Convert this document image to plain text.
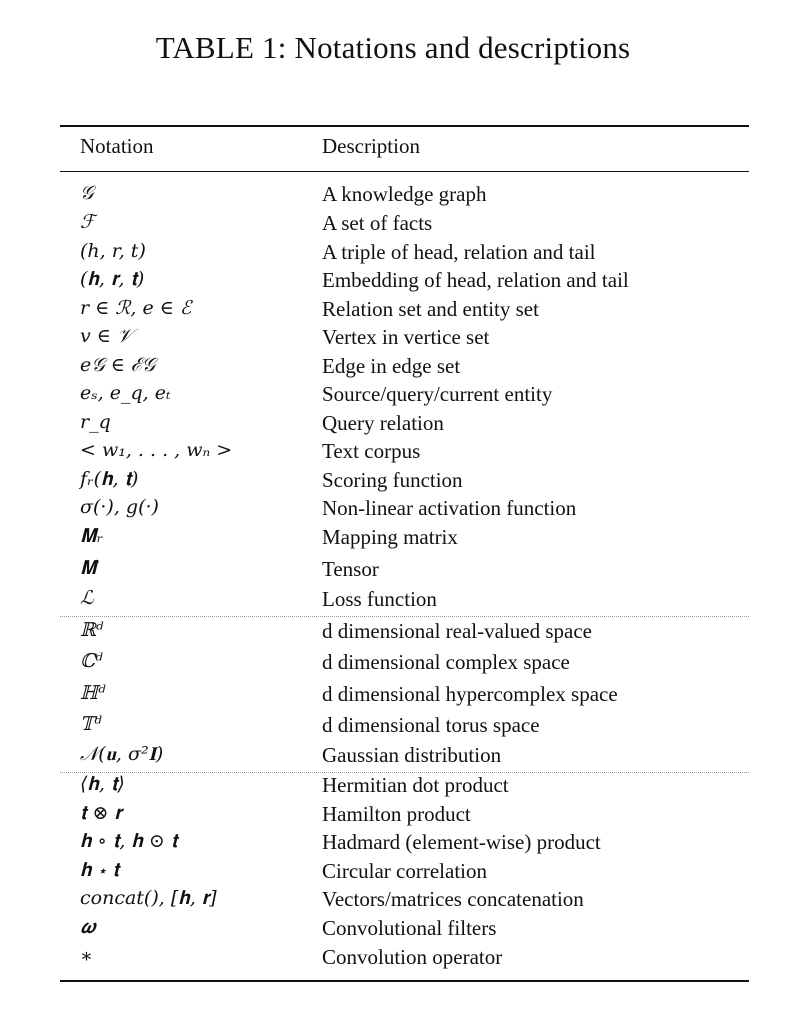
TABLE 1: Notations and descriptions
Notation	Description
𝒢	A knowledge graph
ℱ	A set of facts
(h, r, t)	A triple of head, relation and tail
(𝐡, 𝐫, 𝐭)	Embedding of head, relation and tail
r ∈ ℛ, e ∈ ℰ	Relation set and entity set
v ∈ 𝒱	Vertex in vertice set
e𝒢 ∈ ℰ𝒢	Edge in edge set
eₛ, e_q, eₜ	Source/query/current entity
r_q	Query relation
< w₁, . . . , wₙ >	Text corpus
fᵣ(𝐡, 𝐭)	Scoring function
σ(·), g(·)	Non-linear activation function
𝐌ᵣ	Mapping matrix
𝐌̂	Tensor
ℒ	Loss function
ℝᵈ	d dimensional real-valued space
ℂᵈ	d dimensional complex space
ℍᵈ	d dimensional hypercomplex space
𝕋ᵈ	d dimensional torus space
𝒩(𝐮, σ²𝐈)	Gaussian distribution
⟨𝐡, 𝐭⟩	Hermitian dot product
𝐭 ⊗ 𝐫	Hamilton product
𝐡 ∘ 𝐭, 𝐡 ⊙ 𝐭	Hadmard (element-wise) product
𝐡 ⋆ 𝐭	Circular correlation
concat(), [𝐡, 𝐫]	Vectors/matrices concatenation
𝝎	Convolutional filters
∗	Convolution operator
